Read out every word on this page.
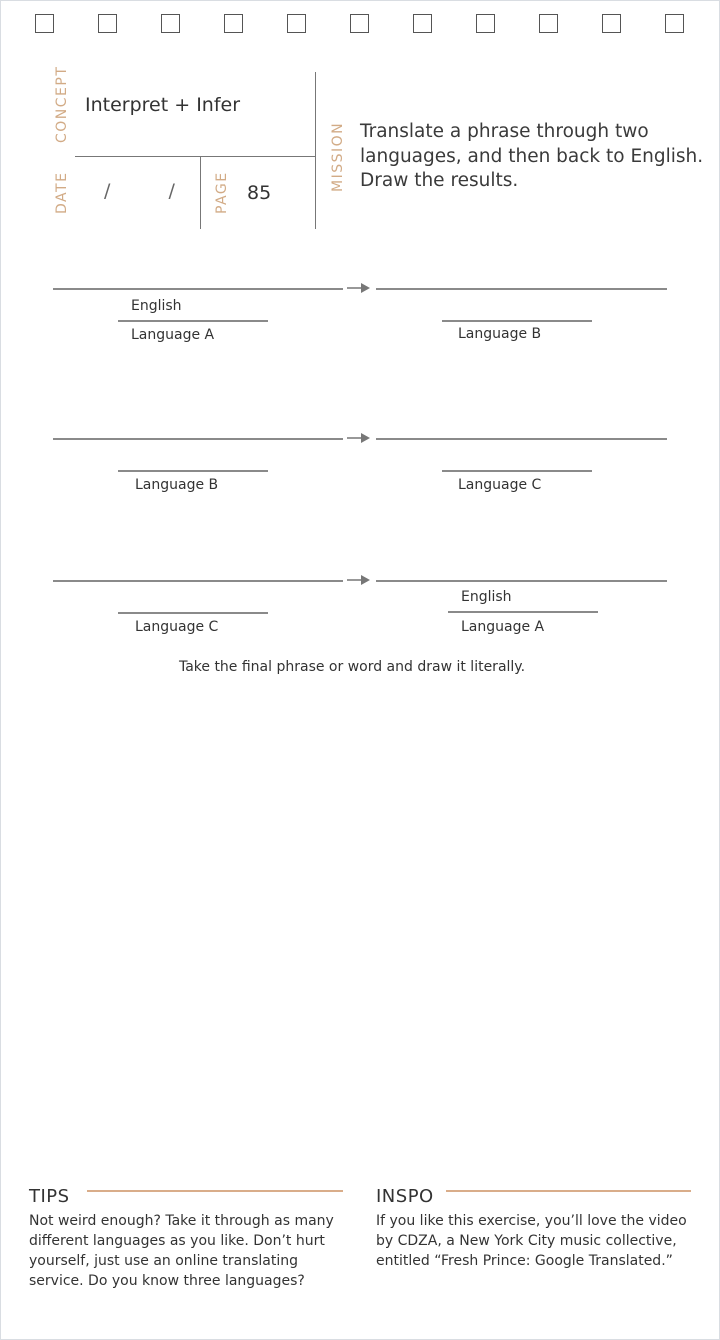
CONCEPT Interpret + Infer
DATE / / PAGE 85
MISSION Translate a phrase through two languages, and then back to English. Draw the results.
English
Language A	Language B
Language B	Language C
Language C
English
Language A
Take the final phrase or word and draw it literally.
TIPS
Not weird enough? Take it through as many different languages as you like. Don’t hurt yourself, just use an online translating service. Do you know three languages?
INSPO
If you like this exercise, you’ll love the video by CDZA, a New York City music collective, entitled “Fresh Prince: Google Translated.”
